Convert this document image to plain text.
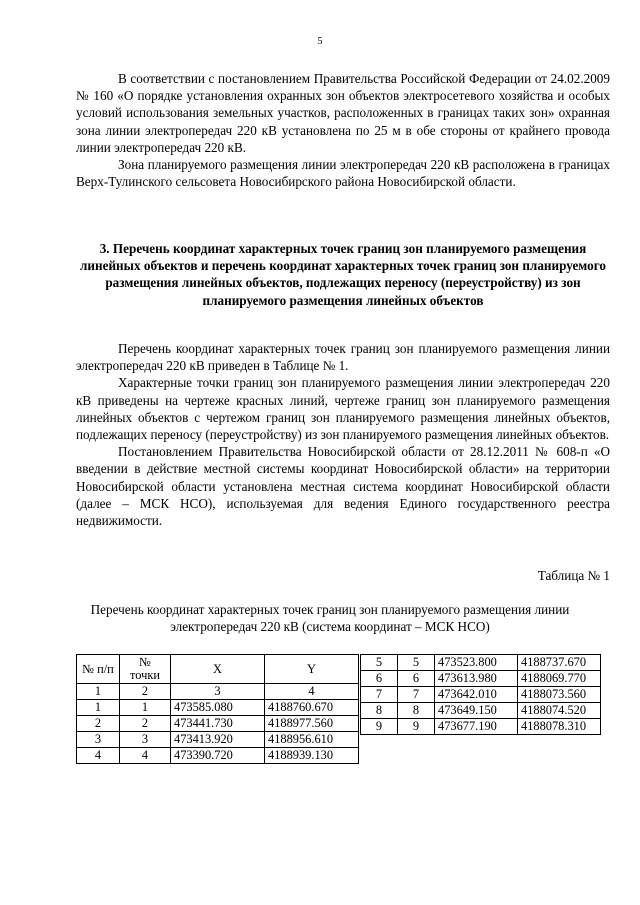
5

В соответствии с постановлением Правительства Российской Федерации от 24.02.2009 № 160 «О порядке установления охранных зон объектов электросетевого хозяйства и особых условий использования земельных участков, расположенных в границах таких зон» охранная зона линии электропередач 220 кВ установлена по 25 м в обе стороны от крайнего провода линии электропередач 220 кВ.

Зона планируемого размещения линии электропередач 220 кВ расположена в границах Верх-Тулинского сельсовета Новосибирского района Новосибирской области.

3. Перечень координат характерных точек границ зон планируемого размещения линейных объектов и перечень координат характерных точек границ зон планируемого размещения линейных объектов, подлежащих переносу (переустройству) из зон планируемого размещения линейных объектов

Перечень координат характерных точек границ зон планируемого размещения линии электропередач 220 кВ приведен в Таблице № 1.

Характерные точки границ зон планируемого размещения линии электропередач 220 кВ приведены на чертеже красных линий, чертеже границ зон планируемого размещения линейных объектов с чертежом границ зон планируемого размещения линейных объектов, подлежащих переносу (переустройству) из зон планируемого размещения линейных объектов.

Постановлением Правительства Новосибирской области от 28.12.2011 № 608-п «О введении в действие местной системы координат Новосибирской области» на территории Новосибирской области установлена местная система координат Новосибирской области (далее – МСК НСО), используемая для ведения Единого государственного реестра недвижимости.

Таблица № 1
Перечень координат характерных точек границ зон планируемого размещения линии электропередач 220 кВ (система координат – МСК НСО)
№ п/п	№ точки	X	Y
1	2	3	4
1	1	473585.080	4188760.670
2	2	473441.730	4188977.560
3	3	473413.920	4188956.610
4	4	473390.720	4188939.130
5	5	473523.800	4188737.670
6	6	473613.980	4188069.770
7	7	473642.010	4188073.560
8	8	473649.150	4188074.520
9	9	473677.190	4188078.310
